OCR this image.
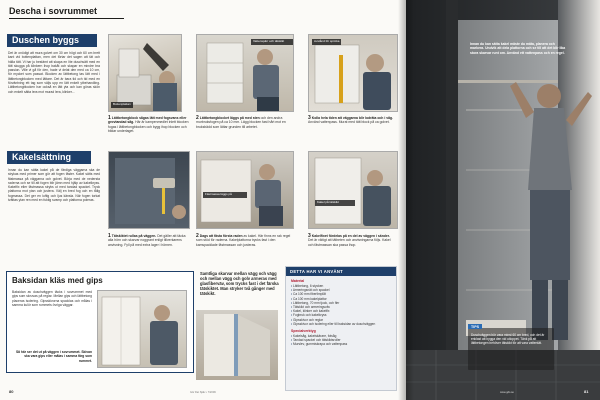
Descha i sovrummet
Duschen byggs
Det är onödigt att mura golvet om 30 cm högt och 60 cm brett kant vid bottenplattan, men det förtar det sagen att tät och hälla tätt. Vi har ju bestämt att skapa en lite duschsätt med en tätt skugga på klinkern ihop bakåt och skapar en mindre bra passion. Ville vi gå för den, hade vi delat den med ca 10 cm, för mycket som passat. Blocken av lättbetong tas lätt med i lättbetongblocken med lättare. Det är bara tid och tid med en förväntning ett tag som väljs upp en lätt enkelt ytbehandling. Lättbetongblocken har också en lätt yta och kan göras skön och enkelt sätta lera mot murad lera, klinker...
Bottenplattan
Vattenspärr och tätskikt	Avstånd för spricka
1Lättbetongblock sågas lätt med fogsvans eller grovtandad såg. Här är kampenmedlet inlett blocken fogas i lättbetongblocken och bygg ihop blocken och bildar underlaget.
2Lättbetongblocket läggs på med sten och den andra murbruksfogen på ca 10 mm. Lägg blocken fast hårt mot en bruksbädd som lättar grunden till arbetet.
3Kolla hela tiden att väggarna blir lodräta och i våg. Använd vattenpass. Murat med tätt block på ca golvet.
Kakelsättning
Innan du kan sätta kakel på de färdiga väggarna ska de strykas med primer som gör att fogen fäster. Kakel sätts med fästmassa på väggarna och golvet. Börja med de nedersta raderna och se till att fogen blir jämn med hjälp av kakelkryss. Kakelfix eller fästmassa stryks ut med tandad spackel. Tryck plattorna mot ytan och justera. Välj en bred fog och en tålig fogmassa. Det ger en luftig och ljus känsla. När fogen torkat tvättas ytan ren med en fuktig svamp och plattorna poleras.
Fästmassa läggs på
Kakel på tätskikt
1Tätskiktet rullas på väggen. Det gäller att täcka alla hörn och skarvar noggrant enligt tillverkarens anvisning. Fyll på med extra lager i hörnen.
2Dags att fästa första raden av kakel. Här finns en rak regel som stöd för raderna. Kakelplattorna trycks fast i den kamspacklade fästmassan och justeras.
3Kakelfixet fördelas på en del av väggen i sänder. Det är viktigt att tätheten och anvisningarna följs. Kakel och fästmassan ska passa ihop.
Baksidan kläs med gips
Baksidan av duschväggen täcks i sovrummet med gips som skruvas på reglar. Mellan gips och lättbetong placeras isolering. Gipsskivorna spacklas och målas i samma kulör som rummets övriga väggar.
Så här ser det ut på väggen i sovrummet. Skivan ska vara gips eller målas i samma färg som rummet.
Samtliga skarvar mellan vägg och vägg och mellan vägg och golv armeras med glasfiberväv, som trycks fast i det färska tätskiktet. Man stryker två gånger med tätskikt.
DETTA HAR VI ANVÄNT
Material
• Lättbetong, 6 stycken
• Armeringsnät och spackel
• Ca 100 mm fiberlimplåt
• Ca 100 mm kakelplattor
• Lättbetong, 70 mm tjock, och fler
• Tätskikt och armeringsväv
• Kakel, klinker och kakelfix
• Fogbruk och kakelkryss
• Gipsskivor och reglar
• Gipsskivor och isolering eller till baksidan av duschväggen
Specialverktyg
• Kakelsåg, kakelskärare, fotsåg
• Tandad spackel och tätskiktsroller
• Murslev, gummiskrapa och vattenpass
80	Gör Det Själv • 7/2009
Innan du kan sätta kakel mäste du mäta, planera och markera. Undvik att dela plattorna och se till att det blir lika stora skarvar runt om. Använd ett vattenpass och en regel.
TIPS
Duschväggen bör vara minst 60 cm bred, och det är enklast att bygga den vid utloppet. Tänk på att lättbetongen behöver tätskikt för att vara vattentät.
www.gds.se	81
